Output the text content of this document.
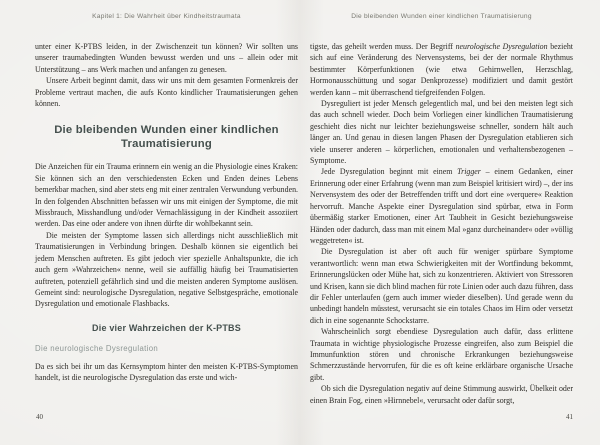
Kapitel 1: Die Wahrheit über Kindheitstraumata

unter einer K-PTBS leiden, in der Zwischenzeit tun können? Wir sollten uns unserer traumabedingten Wunden bewusst werden und uns – allein oder mit Unterstützung – ans Werk machen und anfangen zu genesen.

Unsere Arbeit beginnt damit, dass wir uns mit dem gesamten Formenkreis der Probleme vertraut machen, die aufs Konto kindlicher Traumatisierungen gehen können.

Die bleibenden Wunden einer kindlichen Traumatisierung

Die Anzeichen für ein Trauma erinnern ein wenig an die Physiologie eines Kraken: Sie können sich an den verschiedensten Ecken und Enden deines Lebens bemerkbar machen, sind aber stets eng mit einer zentralen Verwundung verbunden. In den folgenden Abschnitten befassen wir uns mit einigen der Symptome, die mit Missbrauch, Misshandlung und/oder Vernachlässigung in der Kindheit assoziiert werden. Das eine oder andere von ihnen dürfte dir wohlbekannt sein.

Die meisten der Symptome lassen sich allerdings nicht ausschließlich mit Traumatisierungen in Verbindung bringen. Deshalb können sie eigentlich bei jedem Menschen auftreten. Es gibt jedoch vier spezielle Anhaltspunkte, die ich auch gern »Wahrzeichen« nenne, weil sie auffällig häufig bei Traumatisierten auftreten, potenziell gefährlich sind und die meisten anderen Symptome auslösen. Gemeint sind: neurologische Dysregulation, negative Selbstgespräche, emotionale Dysregulation und emotionale Flashbacks.

Die vier Wahrzeichen der K-PTBS
Die neurologische Dysregulation

Da es sich bei ihr um das Kernsymptom hinter den meisten K-PTBS-Symptomen handelt, ist die neurologische Dysregulation das erste und wich-

40
Die bleibenden Wunden einer kindlichen Traumatisierung

tigste, das geheilt werden muss. Der Begriff neurologische Dysregulation bezieht sich auf eine Veränderung des Nervensystems, bei der der normale Rhythmus bestimmter Körperfunktionen (wie etwa Gehirnwellen, Herzschlag, Hormonausschüttung und sogar Denkprozesse) modifiziert und damit gestört werden kann – mit überraschend tiefgreifenden Folgen.

Dysreguliert ist jeder Mensch gelegentlich mal, und bei den meisten legt sich das auch schnell wieder. Doch beim Vorliegen einer kindlichen Traumatisierung geschieht dies nicht nur leichter beziehungsweise schneller, sondern hält auch länger an. Und genau in diesen langen Phasen der Dysregulation etablieren sich viele unserer anderen – körperlichen, emotionalen und verhaltensbezogenen – Symptome.

Jede Dysregulation beginnt mit einem Trigger – einem Gedanken, einer Erinnerung oder einer Erfahrung (wenn man zum Beispiel kritisiert wird) –, der ins Nervensystem des oder der Betreffenden trifft und dort eine »verquere« Reaktion hervorruft. Manche Aspekte einer Dysregulation sind spürbar, etwa in Form übermäßig starker Emotionen, einer Art Taubheit in Gesicht beziehungsweise Händen oder dadurch, dass man mit einem Mal »ganz durcheinander« oder »völlig weggetreten« ist.

Die Dysregulation ist aber oft auch für weniger spürbare Symptome verantwortlich: wenn man etwa Schwierigkeiten mit der Wortfindung bekommt, Erinnerungslücken oder Mühe hat, sich zu konzentrieren. Aktiviert von Stressoren und Krisen, kann sie dich blind machen für rote Linien oder auch dazu führen, dass dir Fehler unterlaufen (gern auch immer wieder dieselben). Und gerade wenn du unbedingt handeln müsstest, verursacht sie ein totales Chaos im Hirn oder versetzt dich in eine sogenannte Schockstarre.

Wahrscheinlich sorgt ebendiese Dysregulation auch dafür, dass erlittene Traumata in wichtige physiologische Prozesse eingreifen, also zum Beispiel die Immunfunktion stören und chronische Erkrankungen beziehungsweise Schmerzzustände hervorrufen, für die es oft keine erklärbare organische Ursache gibt.

Ob sich die Dysregulation negativ auf deine Stimmung auswirkt, Übelkeit oder einen Brain Fog, einen »Hirnnebel«, verursacht oder dafür sorgt,

41
